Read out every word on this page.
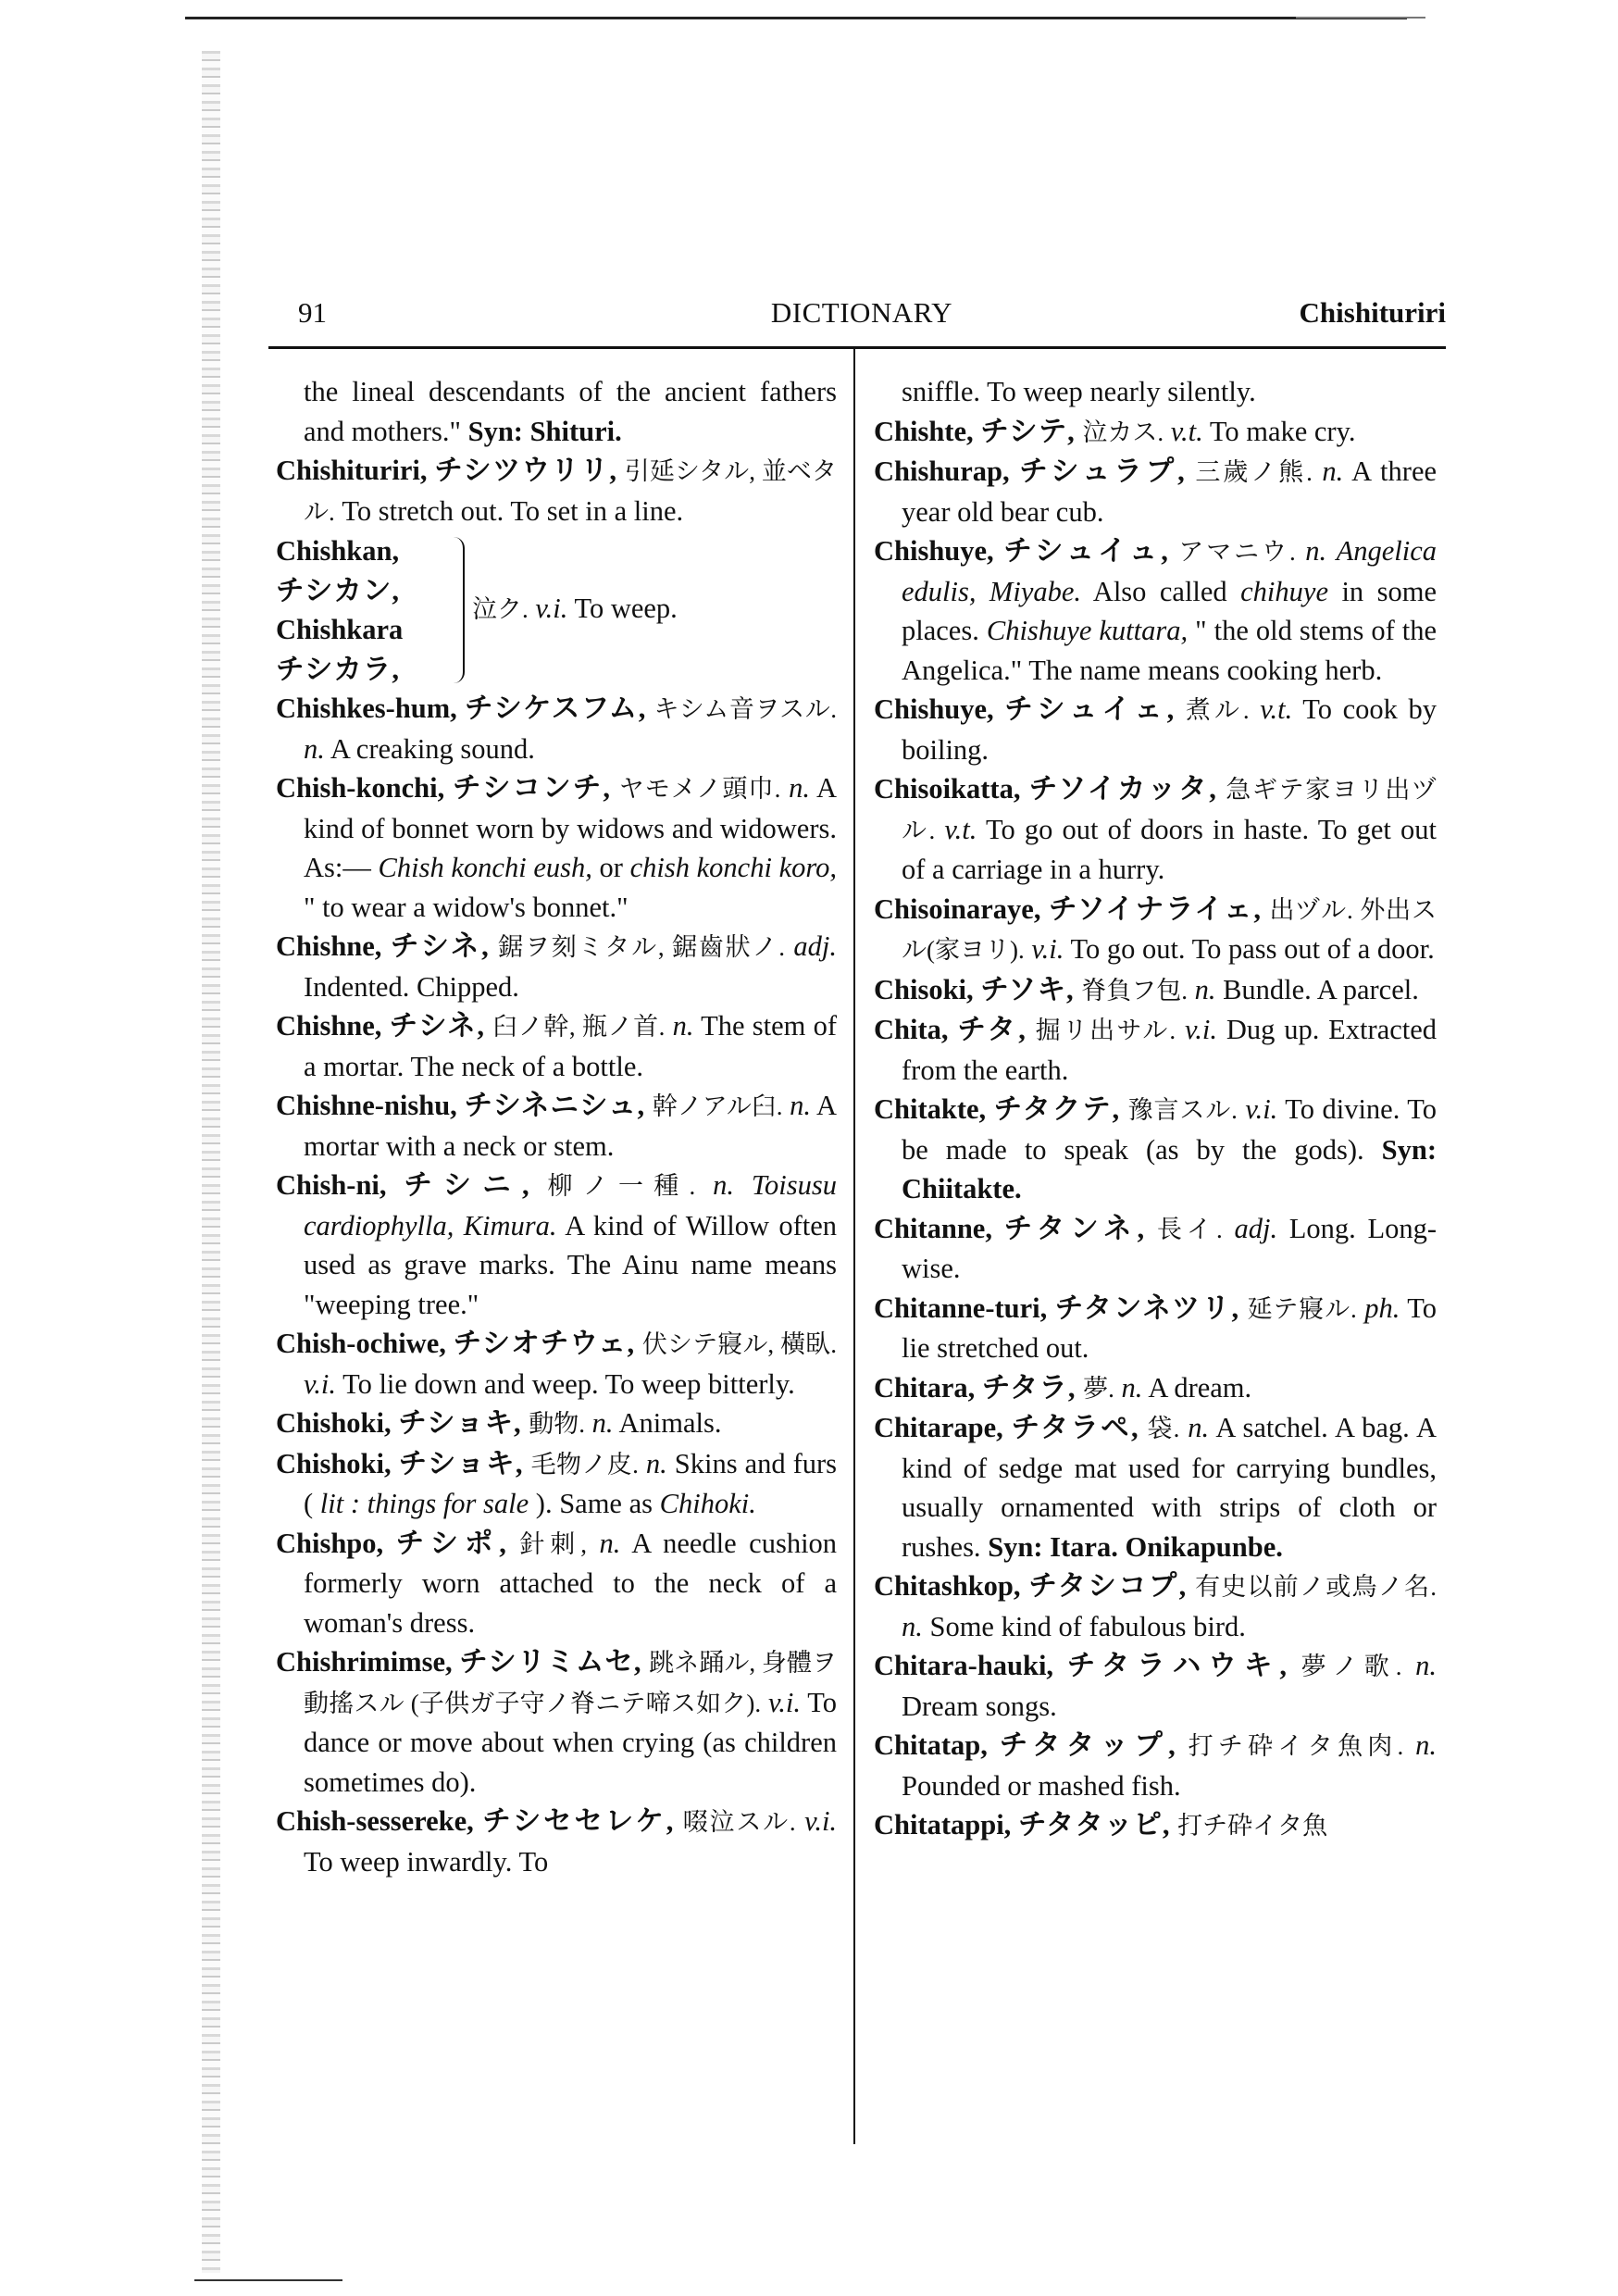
91	DICTIONARY	Chishituriri

the lineal descendants of the ancient fathers and mothers." Syn: Shituri.

Chishituriri, チシツウリリ, 引延シタル, 並ベタル. To stretch out. To set in a line.

Chishkan,

チシカン,

Chishkara

チシカラ,

泣ク. v.i. To weep.

Chishkes-hum, チシケスフム, キシム音ヲスル. n. A creaking sound.

Chish-konchi, チシコンチ, ヤモメノ頭巾. n. A kind of bonnet worn by widows and widowers. As:— Chish konchi eush, or chish konchi koro, " to wear a widow's bonnet."

Chishne, チシネ, 鋸ヲ刻ミタル, 鋸齒狀ノ. adj. Indented. Chipped.

Chishne, チシネ, 臼ノ幹, 瓶ノ首. n. The stem of a mortar. The neck of a bottle.

Chishne-nishu, チシネニシュ, 幹ノアル臼. n. A mortar with a neck or stem.

Chish-ni, チシニ, 柳ノ一種. n. Toisusu cardiophylla, Kimura. A kind of Willow often used as grave marks. The Ainu name means "weeping tree."

Chish-ochiwe, チシオチウェ, 伏シテ寢ル, 橫臥. v.i. To lie down and weep. To weep bitterly.

Chishoki, チショキ, 動物. n. Animals.

Chishoki, チショキ, 毛物ノ皮. n. Skins and furs ( lit : things for sale ). Same as Chihoki.

Chishpo, チシポ, 針刺, n. A needle cushion formerly worn attached to the neck of a woman's dress.

Chishrimimse, チシリミムセ, 跳ネ踊ル, 身體ヲ動搖スル (子供ガ子守ノ脊ニテ啼ス如ク). v.i. To dance or move about when crying (as children sometimes do).

Chish-sessereke, チシセセレケ, 啜泣スル. v.i. To weep inwardly. To

sniffle. To weep nearly silently.

Chishte, チシテ, 泣カス. v.t. To make cry.

Chishurap, チシュラプ, 三歲ノ熊. n. A three year old bear cub.

Chishuye, チシュイュ, アマニウ. n. Angelica edulis, Miyabe. Also called chihuye in some places. Chishuye kuttara, " the old stems of the Angelica." The name means cooking herb.

Chishuye, チシュイェ, 煮ル. v.t. To cook by boiling.

Chisoikatta, チソイカッタ, 急ギテ家ヨリ出ヅル. v.t. To go out of doors in haste. To get out of a carriage in a hurry.

Chisoinaraye, チソイナライェ, 出ヅル. 外出スル(家ヨリ). v.i. To go out. To pass out of a door.

Chisoki, チソキ, 脊負フ包. n. Bundle. A parcel.

Chita, チタ, 掘リ出サル. v.i. Dug up. Extracted from the earth.

Chitakte, チタクテ, 豫言スル. v.i. To divine. To be made to speak (as by the gods). Syn: Chiitakte.

Chitanne, チタンネ, 長イ. adj. Long. Long-wise.

Chitanne-turi, チタンネツリ, 延テ寢ル. ph. To lie stretched out.

Chitara, チタラ, 夢. n. A dream.

Chitarape, チタラペ, 袋. n. A satchel. A bag. A kind of sedge mat used for carrying bundles, usually ornamented with strips of cloth or rushes. Syn: Itara. Onikapunbe.

Chitashkop, チタシコプ, 有史以前ノ或鳥ノ名. n. Some kind of fabulous bird.

Chitara-hauki, チタラハウキ, 夢ノ歌. n. Dream songs.

Chitatap, チタタップ, 打チ砕イタ魚肉. n. Pounded or mashed fish.

Chitatappi, チタタッピ, 打チ砕イタ魚
